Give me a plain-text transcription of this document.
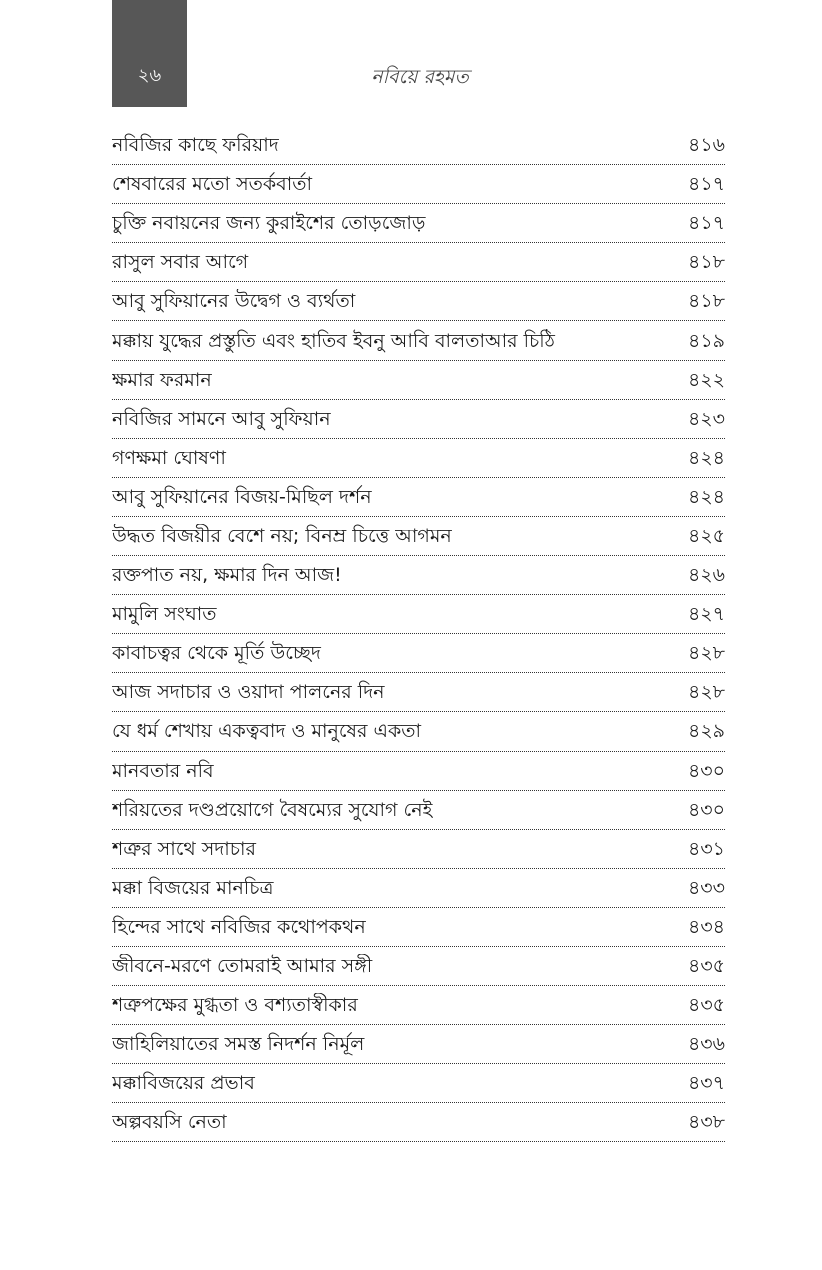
২৬	নবিয়ে রহমত
নবিজির কাছে ফরিয়াদ	৪১৬
শেষবারের মতো সতর্কবার্তা	৪১৭
চুক্তি নবায়নের জন্য কুরাইশের তোড়জোড়	৪১৭
রাসুল সবার আগে	৪১৮
আবু সুফিয়ানের উদ্বেগ ও ব্যর্থতা	৪১৮
মক্কায় যুদ্ধের প্রস্তুতি এবং হাতিব ইবনু আবি বালতাআর চিঠি	৪১৯
ক্ষমার ফরমান	৪২২
নবিজির সামনে আবু সুফিয়ান	৪২৩
গণক্ষমা ঘোষণা	৪২৪
আবু সুফিয়ানের বিজয়-মিছিল দর্শন	৪২৪
উদ্ধত বিজয়ীর বেশে নয়; বিনম্র চিত্তে আগমন	৪২৫
রক্তপাত নয়, ক্ষমার দিন আজ!	৪২৬
মামুলি সংঘাত	৪২৭
কাবাচত্বর থেকে মূর্তি উচ্ছেদ	৪২৮
আজ সদাচার ও ওয়াদা পালনের দিন	৪২৮
যে ধর্ম শেখায় একত্ববাদ ও মানুষের একতা	৪২৯
মানবতার নবি	৪৩০
শরিয়তের দণ্ডপ্রয়োগে বৈষম্যের সুযোগ নেই	৪৩০
শত্রুর সাথে সদাচার	৪৩১
মক্কা বিজয়ের মানচিত্র	৪৩৩
হিন্দের সাথে নবিজির কথোপকথন	৪৩৪
জীবনে-মরণে তোমরাই আমার সঙ্গী	৪৩৫
শত্রুপক্ষের মুগ্ধতা ও বশ্যতাস্বীকার	৪৩৫
জাহিলিয়াতের সমস্ত নিদর্শন নির্মূল	৪৩৬
মক্কাবিজয়ের প্রভাব	৪৩৭
অল্পবয়সি নেতা	৪৩৮
